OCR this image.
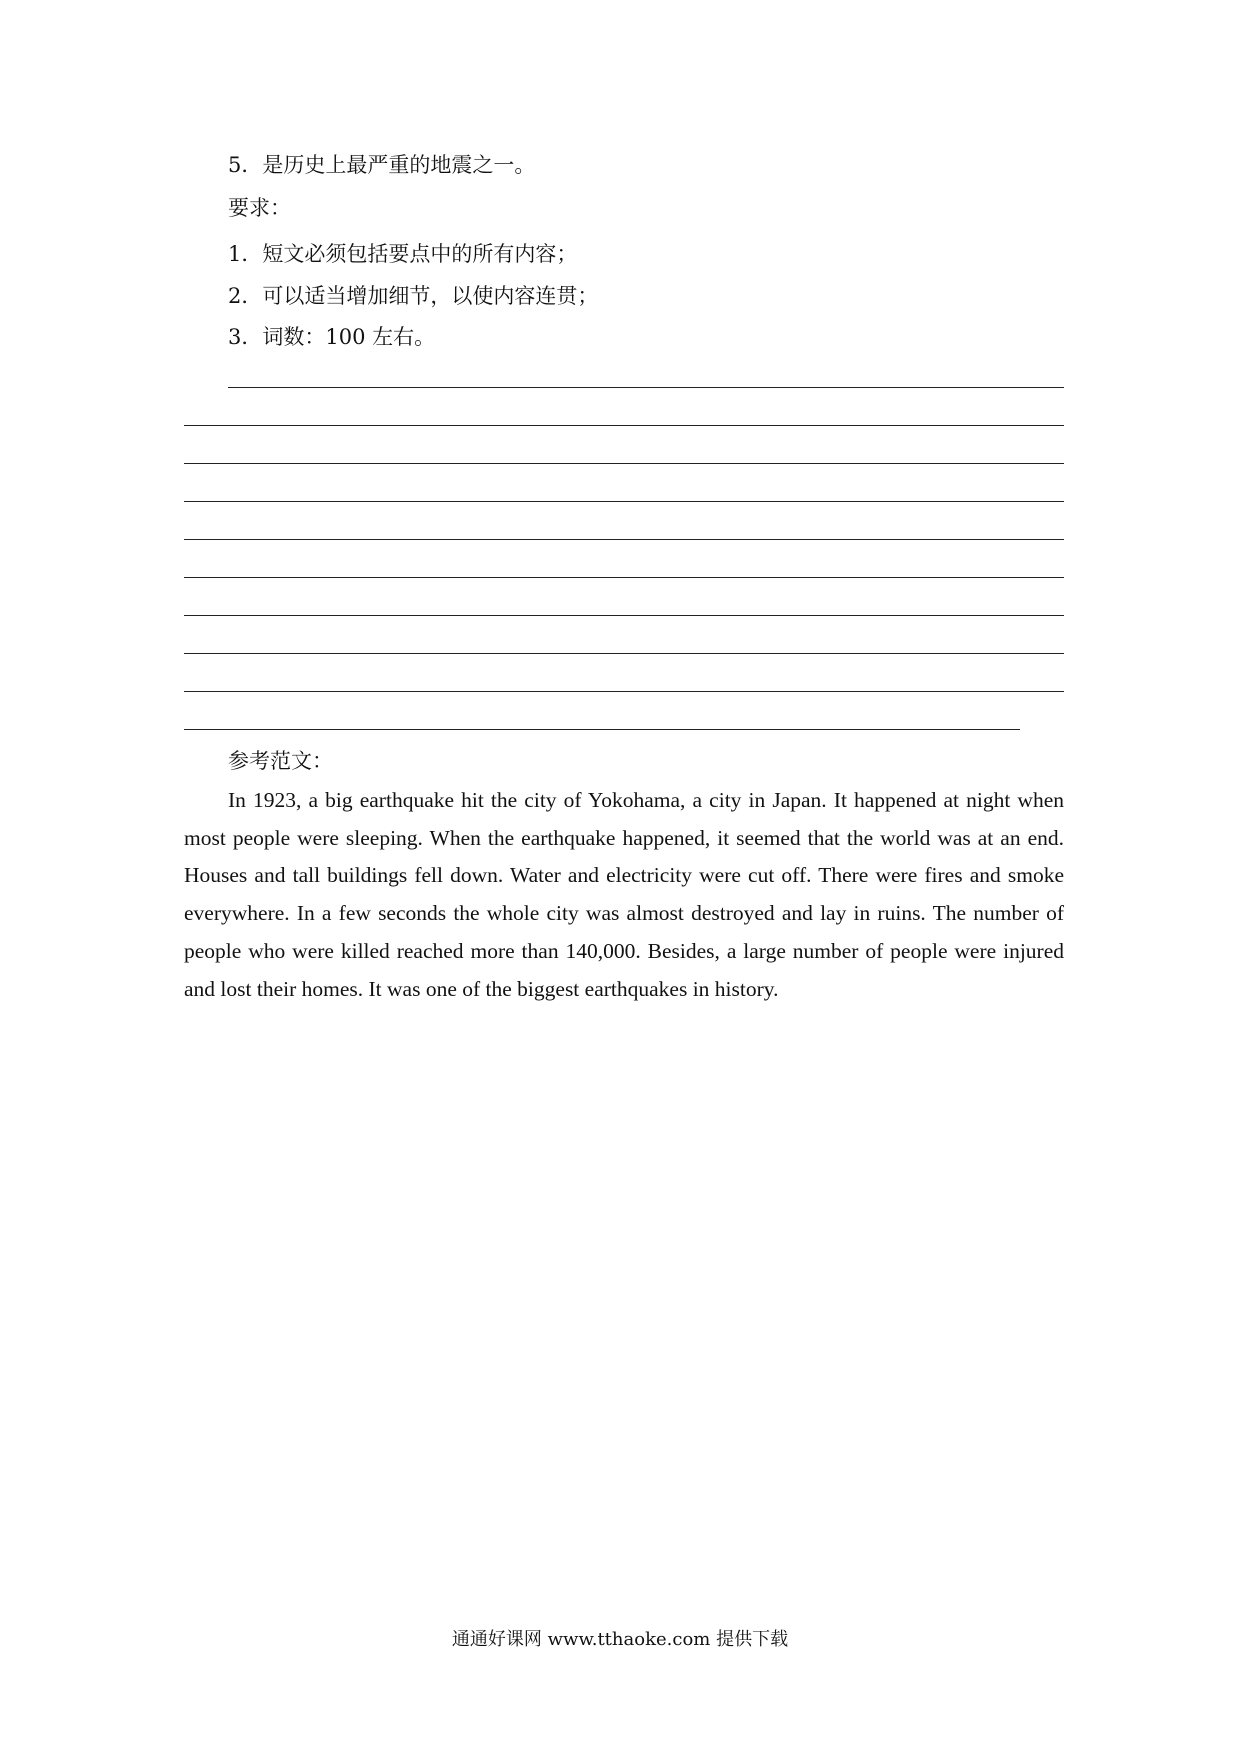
5．是历史上最严重的地震之一。
要求：
1．短文必须包括要点中的所有内容；
2．可以适当增加细节，以使内容连贯；
3．词数：100 左右。
参考范文：

In 1923, a big earthquake hit the city of Yokohama, a city in Japan. It happened at night when most people were sleeping. When the earthquake happened, it seemed that the world was at an end. Houses and tall buildings fell down. Water and electricity were cut off. There were fires and smoke everywhere. In a few seconds the whole city was almost destroyed and lay in ruins. The number of people who were killed reached more than 140,000. Besides, a large number of people were injured and lost their homes. It was one of the biggest earthquakes in history.

通通好课网 www.tthaoke.com 提供下载
